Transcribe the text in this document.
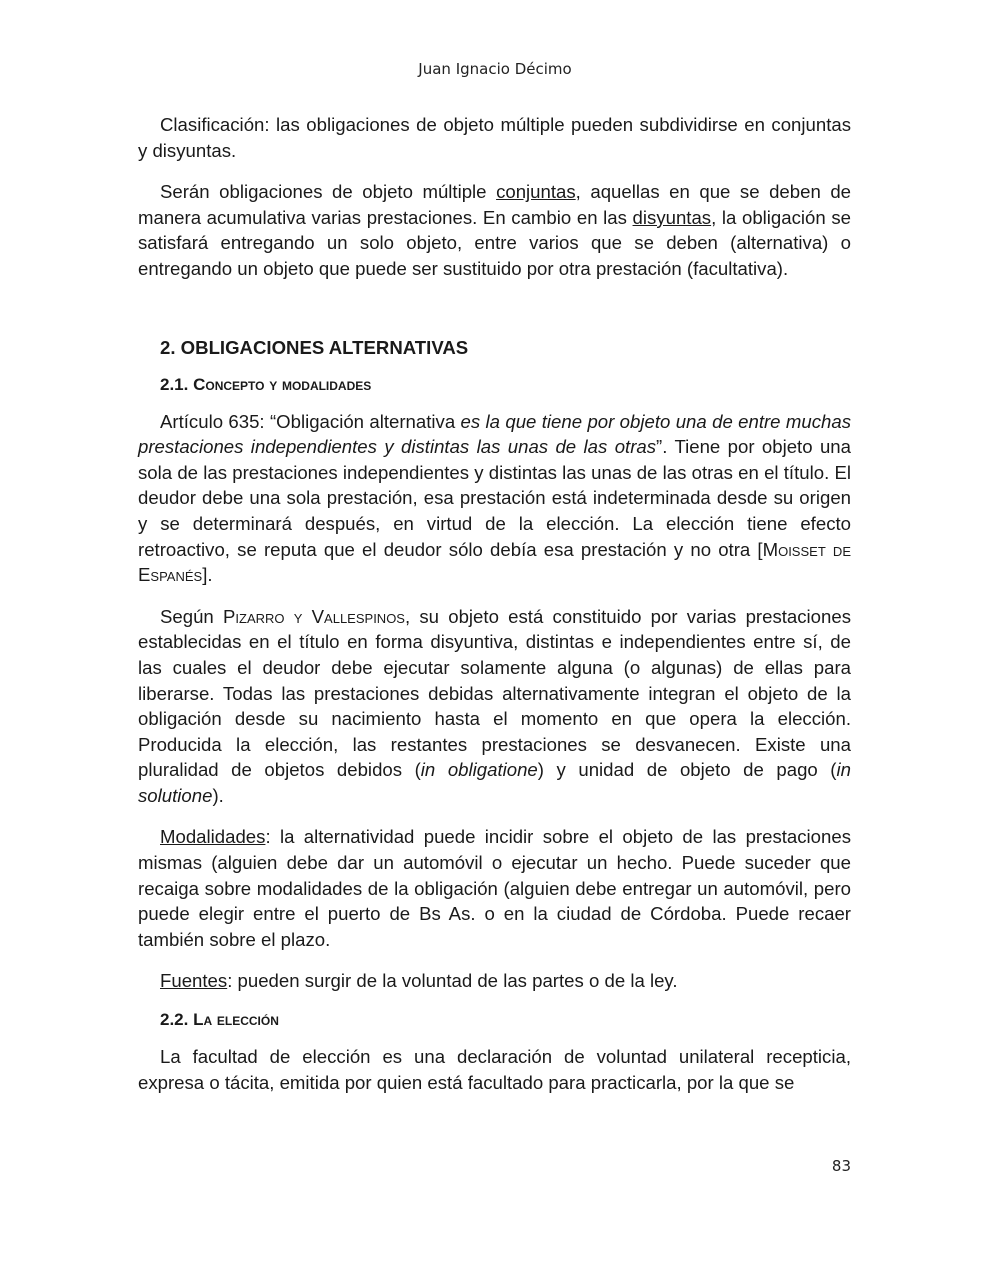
Juan Ignacio Décimo

Clasificación: las obligaciones de objeto múltiple pueden subdividirse en conjuntas y disyuntas.

Serán obligaciones de objeto múltiple conjuntas, aquellas en que se deben de manera acumulativa varias prestaciones. En cambio en las disyuntas, la obligación se satisfará entregando un solo objeto, entre varios que se deben (alternativa) o entregando un objeto que puede ser sustituido por otra prestación (facultativa).

2. OBLIGACIONES ALTERNATIVAS
2.1. Concepto y modalidades

Artículo 635: “Obligación alternativa es la que tiene por objeto una de entre muchas prestaciones independientes y distintas las unas de las otras”. Tiene por objeto una sola de las prestaciones independientes y distintas las unas de las otras en el título. El deudor debe una sola prestación, esa prestación está indeterminada desde su origen y se determinará después, en virtud de la elección. La elección tiene efecto retroactivo, se reputa que el deudor sólo debía esa prestación y no otra [Moisset de Espanés].

Según Pizarro y Vallespinos, su objeto está constituido por varias prestaciones establecidas en el título en forma disyuntiva, distintas e independientes entre sí, de las cuales el deudor debe ejecutar solamente alguna (o algunas) de ellas para liberarse. Todas las prestaciones debidas alternativamente integran el objeto de la obligación desde su nacimiento hasta el momento en que opera la elección. Producida la elección, las restantes prestaciones se desvanecen. Existe una pluralidad de objetos debidos (in obligatione) y unidad de objeto de pago (in solutione).

Modalidades: la alternatividad puede incidir sobre el objeto de las prestaciones mismas (alguien debe dar un automóvil o ejecutar un hecho. Puede suceder que recaiga sobre modalidades de la obligación (alguien debe entregar un automóvil, pero puede elegir entre el puerto de Bs As. o en la ciudad de Córdoba. Puede recaer también sobre el plazo.

Fuentes: pueden surgir de la voluntad de las partes o de la ley.

2.2. La elección

La facultad de elección es una declaración de voluntad unilateral recepticia, expresa o tácita, emitida por quien está facultado para practicarla, por la que se

83
